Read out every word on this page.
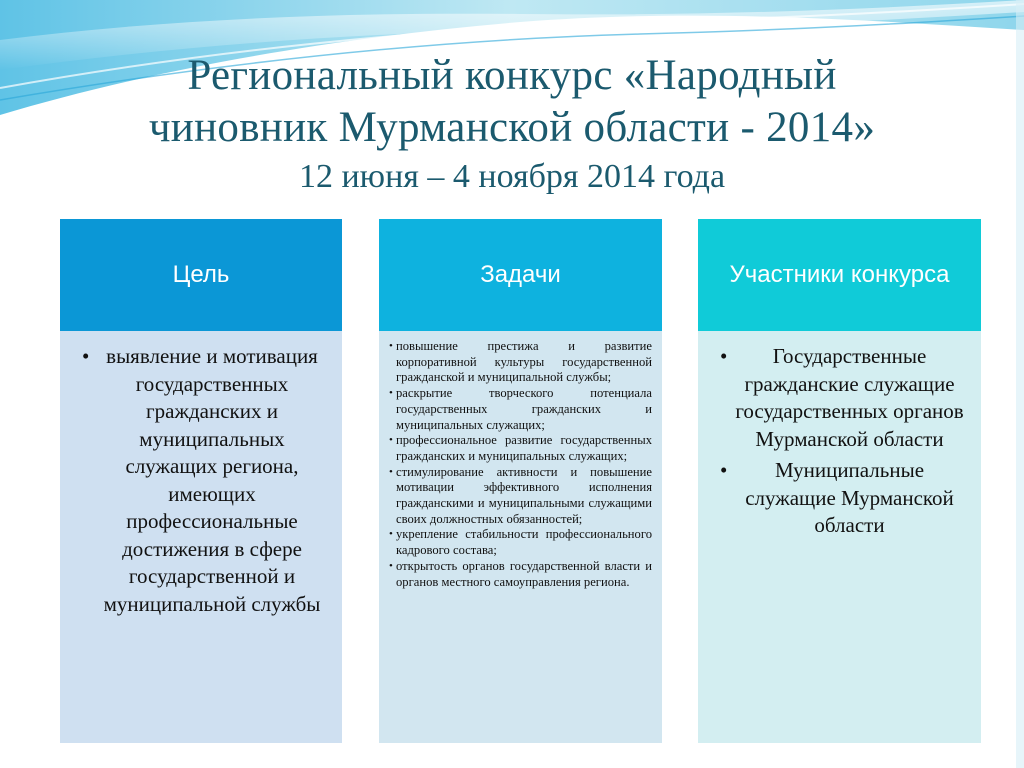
Региональный конкурс «Народный
чиновник Мурманской области - 2014»
12 июня – 4 ноября 2014 года
Цель
• выявление и мотивация государственных гражданских и муниципальных служащих региона, имеющих профессиональные достижения в сфере государственной и муниципальной службы
Задачи
• повышение престижа и развитие корпоративной культуры государственной гражданской и муниципальной службы;
• раскрытие творческого потенциала государственных гражданских и муниципальных служащих;
• профессиональное развитие государственных гражданских и муниципальных служащих;
• стимулирование активности и повышение мотивации эффективного исполнения гражданскими и муниципальными служащими своих должностных обязанностей;
• укрепление стабильности профессионального кадрового состава;
• открытость органов государственной власти и органов местного самоуправления региона.
Участники конкурса
• Государственные гражданские служащие государственных органов Мурманской области
• Муниципальные служащие Мурманской области
